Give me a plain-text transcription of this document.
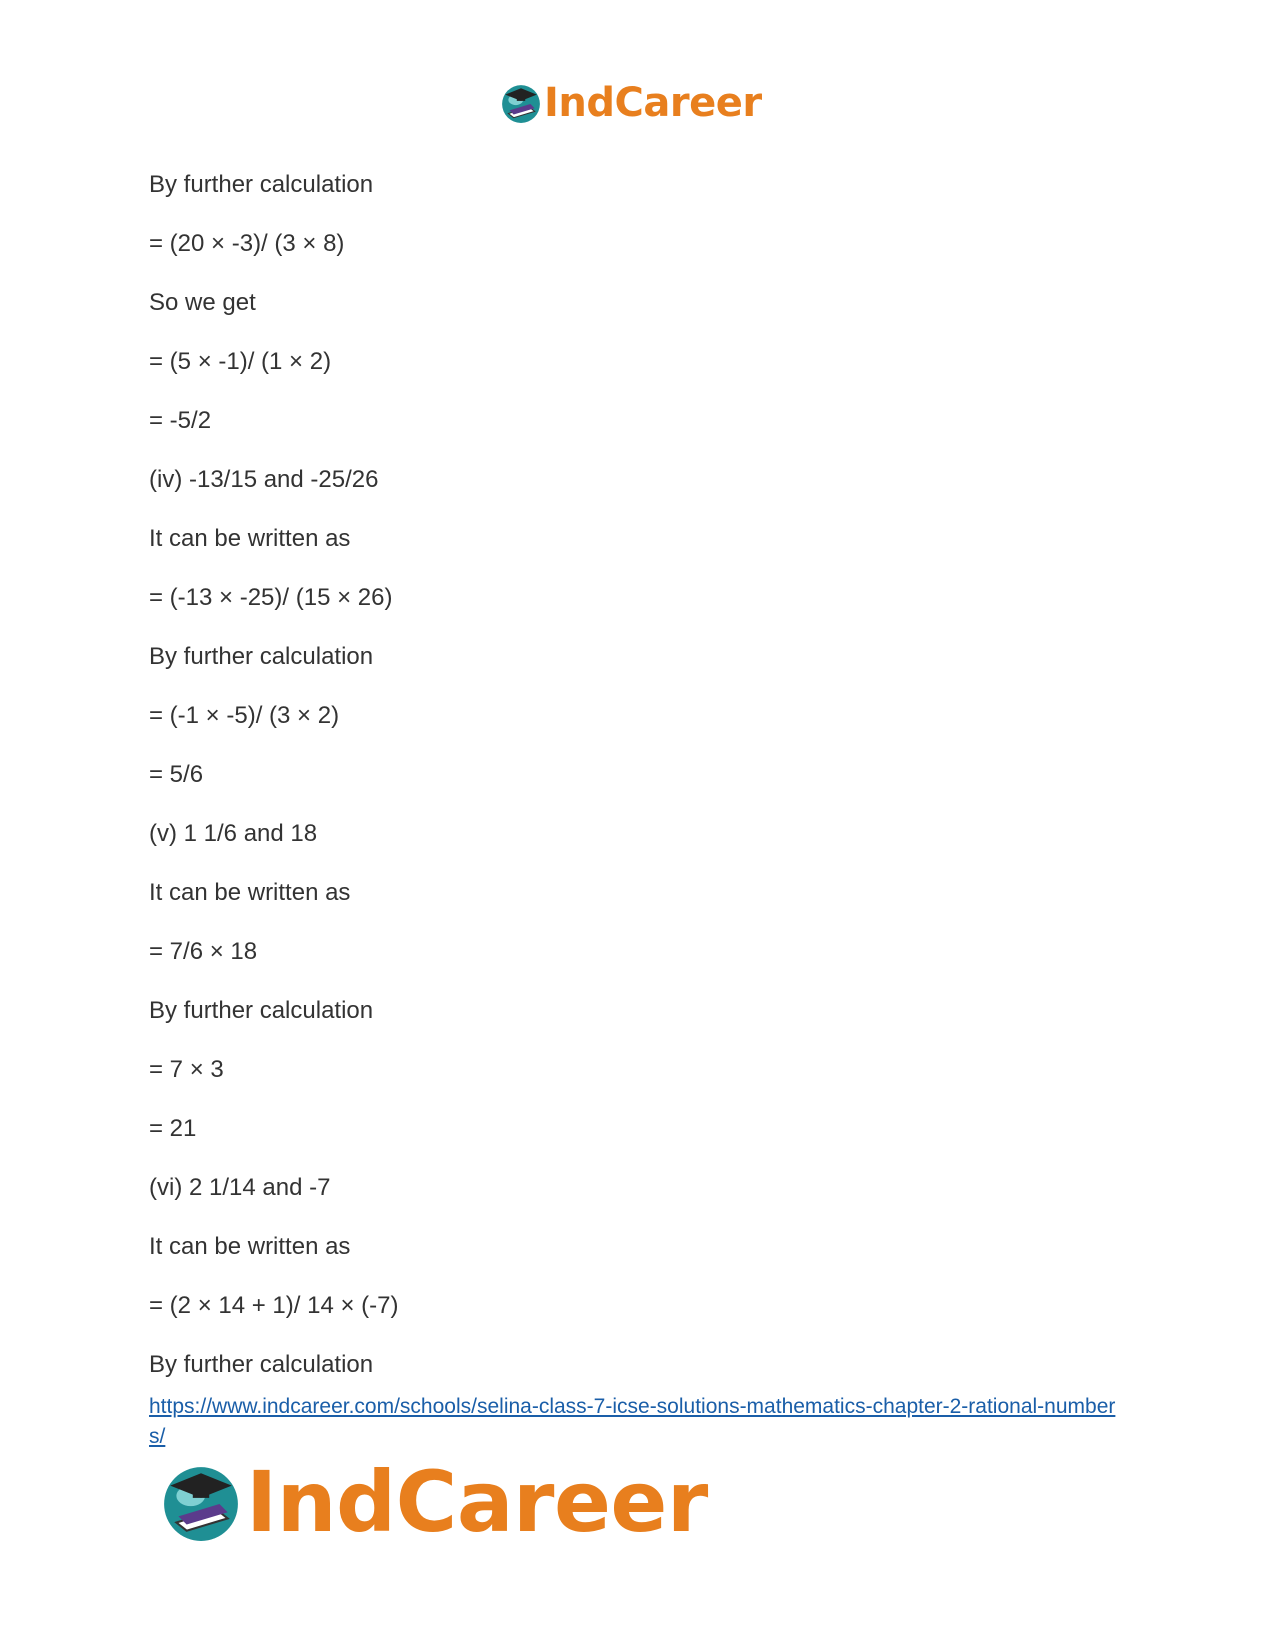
IndCareer

By further calculation

= (20 × -3)/ (3 × 8)

So we get

= (5 × -1)/ (1 × 2)

= -5/2

(iv) -13/15 and -25/26

It can be written as

= (-13 × -25)/ (15 × 26)

By further calculation

= (-1 × -5)/ (3 × 2)

= 5/6

(v) 1 1/6 and 18

It can be written as

= 7/6 × 18

By further calculation

= 7 × 3

= 21

(vi) 2 1/14 and -7

It can be written as

= (2 × 14 + 1)/ 14 × (-7)

By further calculation

https://www.indcareer.com/schools/selina-class-7-icse-solutions-mathematics-chapter-2-rational-numbers/
IndCareer
